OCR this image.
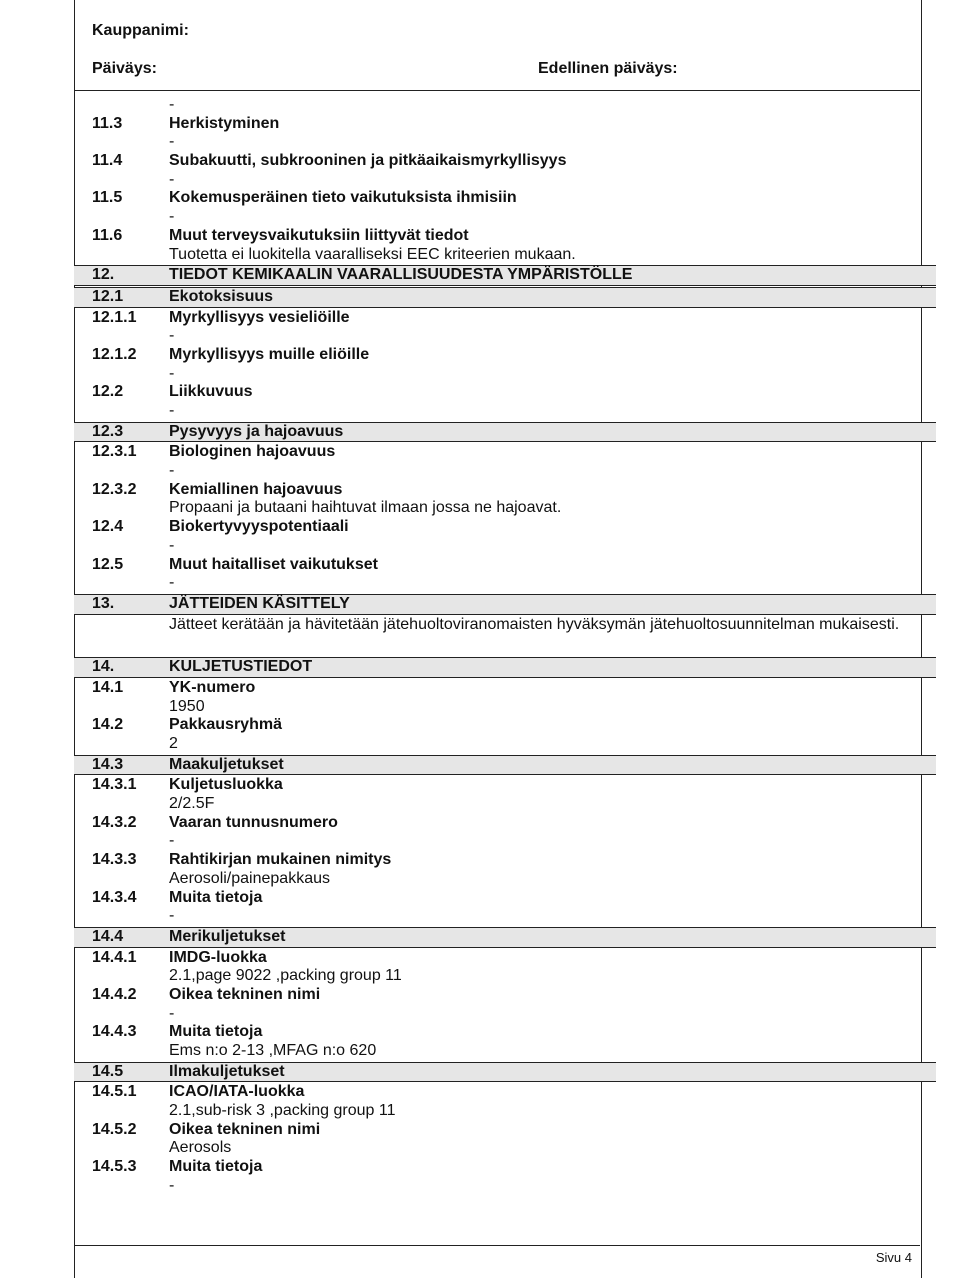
Kauppanimi:
Päiväys:	Edellinen päiväys:
-
11.3	Herkistyminen
-
11.4	Subakuutti, subkrooninen ja pitkäaikaismyrkyllisyys
-
11.5	Kokemusperäinen tieto vaikutuksista ihmisiin
-
11.6	Muut terveysvaikutuksiin liittyvät tiedot
Tuotetta ei luokitella vaaralliseksi EEC kriteerien mukaan.
12.	TIEDOT KEMIKAALIN VAARALLISUUDESTA YMPÄRISTÖLLE
12.1	Ekotoksisuus
12.1.1 Myrkyllisyys vesieliöille
-
12.1.2 Myrkyllisyys muille eliöille
-
12.2	Liikkuvuus
-
12.3	Pysyvyys ja hajoavuus
12.3.1 Biologinen hajoavuus
-
12.3.2 Kemiallinen hajoavuus
Propaani ja butaani haihtuvat ilmaan jossa ne hajoavat.
12.4	Biokertyvyyspotentiaali
-
12.5	Muut haitalliset vaikutukset
-
13.	JÄTTEIDEN KÄSITTELY
Jätteet kerätään ja hävitetään jätehuoltoviranomaisten hyväksymän jätehuoltosuunnitelman mukaisesti.
14.	KULJETUSTIEDOT
14.1	YK-numero
1950
14.2	Pakkausryhmä
2
14.3	Maakuljetukset
14.3.1 Kuljetusluokka
2/2.5F
14.3.2 Vaaran tunnusnumero
-
14.3.3 Rahtikirjan mukainen nimitys
Aerosoli/painepakkaus
14.3.4 Muita tietoja
-
14.4	Merikuljetukset
14.4.1 IMDG-luokka
2.1,page 9022 ,packing group 11
14.4.2 Oikea tekninen nimi
-
14.4.3 Muita tietoja
Ems n:o 2-13 ,MFAG n:o 620
14.5	Ilmakuljetukset
14.5.1 ICAO/IATA-luokka
2.1,sub-risk 3 ,packing group 11
14.5.2 Oikea tekninen nimi
Aerosols
14.5.3 Muita tietoja
-
Sivu 4
